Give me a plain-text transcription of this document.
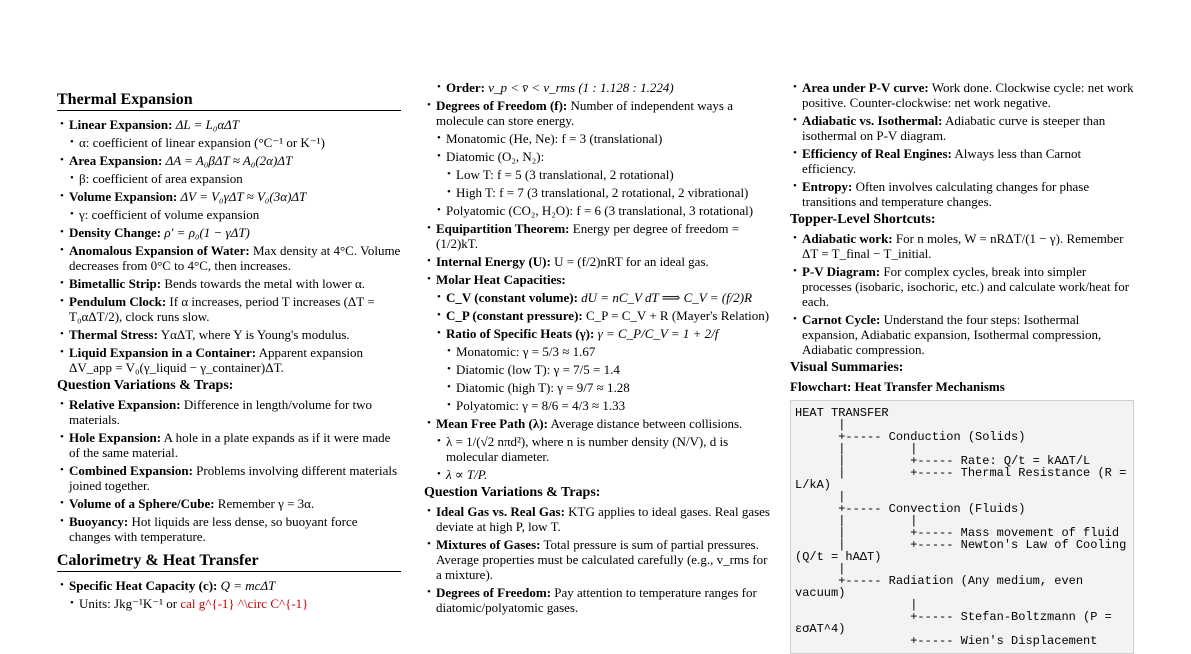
Thermal Expansion
• Linear Expansion: ΔL = L₀αΔT
• α: coefficient of linear expansion (°C⁻¹ or K⁻¹)
• Area Expansion: ΔA = A₀βΔT ≈ A₀(2α)ΔT
• β: coefficient of area expansion
• Volume Expansion: ΔV = V₀γΔT ≈ V₀(3α)ΔT
• γ: coefficient of volume expansion
• Density Change: ρ′ = ρ₀(1 − γΔT)
• Anomalous Expansion of Water: Max density at 4°C. Volume decreases from 0°C to 4°C, then increases.
• Bimetallic Strip: Bends towards the metal with lower α.
• Pendulum Clock: If α increases, period T increases (ΔT = T₀αΔT/2), clock runs slow.
• Thermal Stress: YαΔT, where Y is Young's modulus.
• Liquid Expansion in a Container: Apparent expansion ΔV_app = V₀(γ_liquid − γ_container)ΔT.
Question Variations & Traps:
• Relative Expansion: Difference in length/volume for two materials.
• Hole Expansion: A hole in a plate expands as if it were made of the same material.
• Combined Expansion: Problems involving different materials joined together.
• Volume of a Sphere/Cube: Remember γ = 3α.
• Buoyancy: Hot liquids are less dense, so buoyant force changes with temperature.
Calorimetry & Heat Transfer
• Specific Heat Capacity (c): Q = mcΔT
• Units: Jkg⁻¹K⁻¹ or cal g^{-1} ^\circ C^{-1}
• Order: v_p < v̄ < v_rms (1 : 1.128 : 1.224)
• Degrees of Freedom (f): Number of independent ways a molecule can store energy.
• Monatomic (He, Ne): f = 3 (translational)
• Diatomic (O₂, N₂):
• Low T: f = 5 (3 translational, 2 rotational)
• High T: f = 7 (3 translational, 2 rotational, 2 vibrational)
• Polyatomic (CO₂, H₂O): f = 6 (3 translational, 3 rotational)
• Equipartition Theorem: Energy per degree of freedom = (1/2)kT.
• Internal Energy (U): U = (f/2)nRT for an ideal gas.
• Molar Heat Capacities:
• C_V (constant volume): dU = nC_V dT ⟹ C_V = (f/2)R
• C_P (constant pressure): C_P = C_V + R (Mayer's Relation)
• Ratio of Specific Heats (γ): γ = C_P/C_V = 1 + 2/f
• Monatomic: γ = 5/3 ≈ 1.67
• Diatomic (low T): γ = 7/5 = 1.4
• Diatomic (high T): γ = 9/7 ≈ 1.28
• Polyatomic: γ = 8/6 = 4/3 ≈ 1.33
• Mean Free Path (λ): Average distance between collisions.
• λ = 1/(√2 nπd²), where n is number density (N/V), d is molecular diameter.
• λ ∝ T/P.
Question Variations & Traps:
• Ideal Gas vs. Real Gas: KTG applies to ideal gases. Real gases deviate at high P, low T.
• Mixtures of Gases: Total pressure is sum of partial pressures. Average properties must be calculated carefully (e.g., v_rms for a mixture).
• Degrees of Freedom: Pay attention to temperature ranges for diatomic/polyatomic gases.
• Area under P-V curve: Work done. Clockwise cycle: net work positive. Counter-clockwise: net work negative.
• Adiabatic vs. Isothermal: Adiabatic curve is steeper than isothermal on P-V diagram.
• Efficiency of Real Engines: Always less than Carnot efficiency.
• Entropy: Often involves calculating changes for phase transitions and temperature changes.
Topper-Level Shortcuts:
• Adiabatic work: For n moles, W = nRΔT/(1 − γ). Remember ΔT = T_final − T_initial.
• P-V Diagram: For complex cycles, break into simpler processes (isobaric, isochoric, etc.) and calculate work/heat for each.
• Carnot Cycle: Understand the four steps: Isothermal expansion, Adiabatic expansion, Isothermal compression, Adiabatic compression.
Visual Summaries:
Flowchart: Heat Transfer Mechanisms
HEAT TRANSFER
|
+----- Conduction (Solids)
|         |
|         +----- Rate: Q/t = kAΔT/L
|         +----- Thermal Resistance (R = L/kA)
|
+----- Convection (Fluids)
|         |
|         +----- Mass movement of fluid
|         +----- Newton's Law of Cooling (Q/t = hAΔT)
|
+----- Radiation (Any medium, even vacuum)
|
+----- Stefan-Boltzmann (P = εσAT^4)
+----- Wien's Displacement
